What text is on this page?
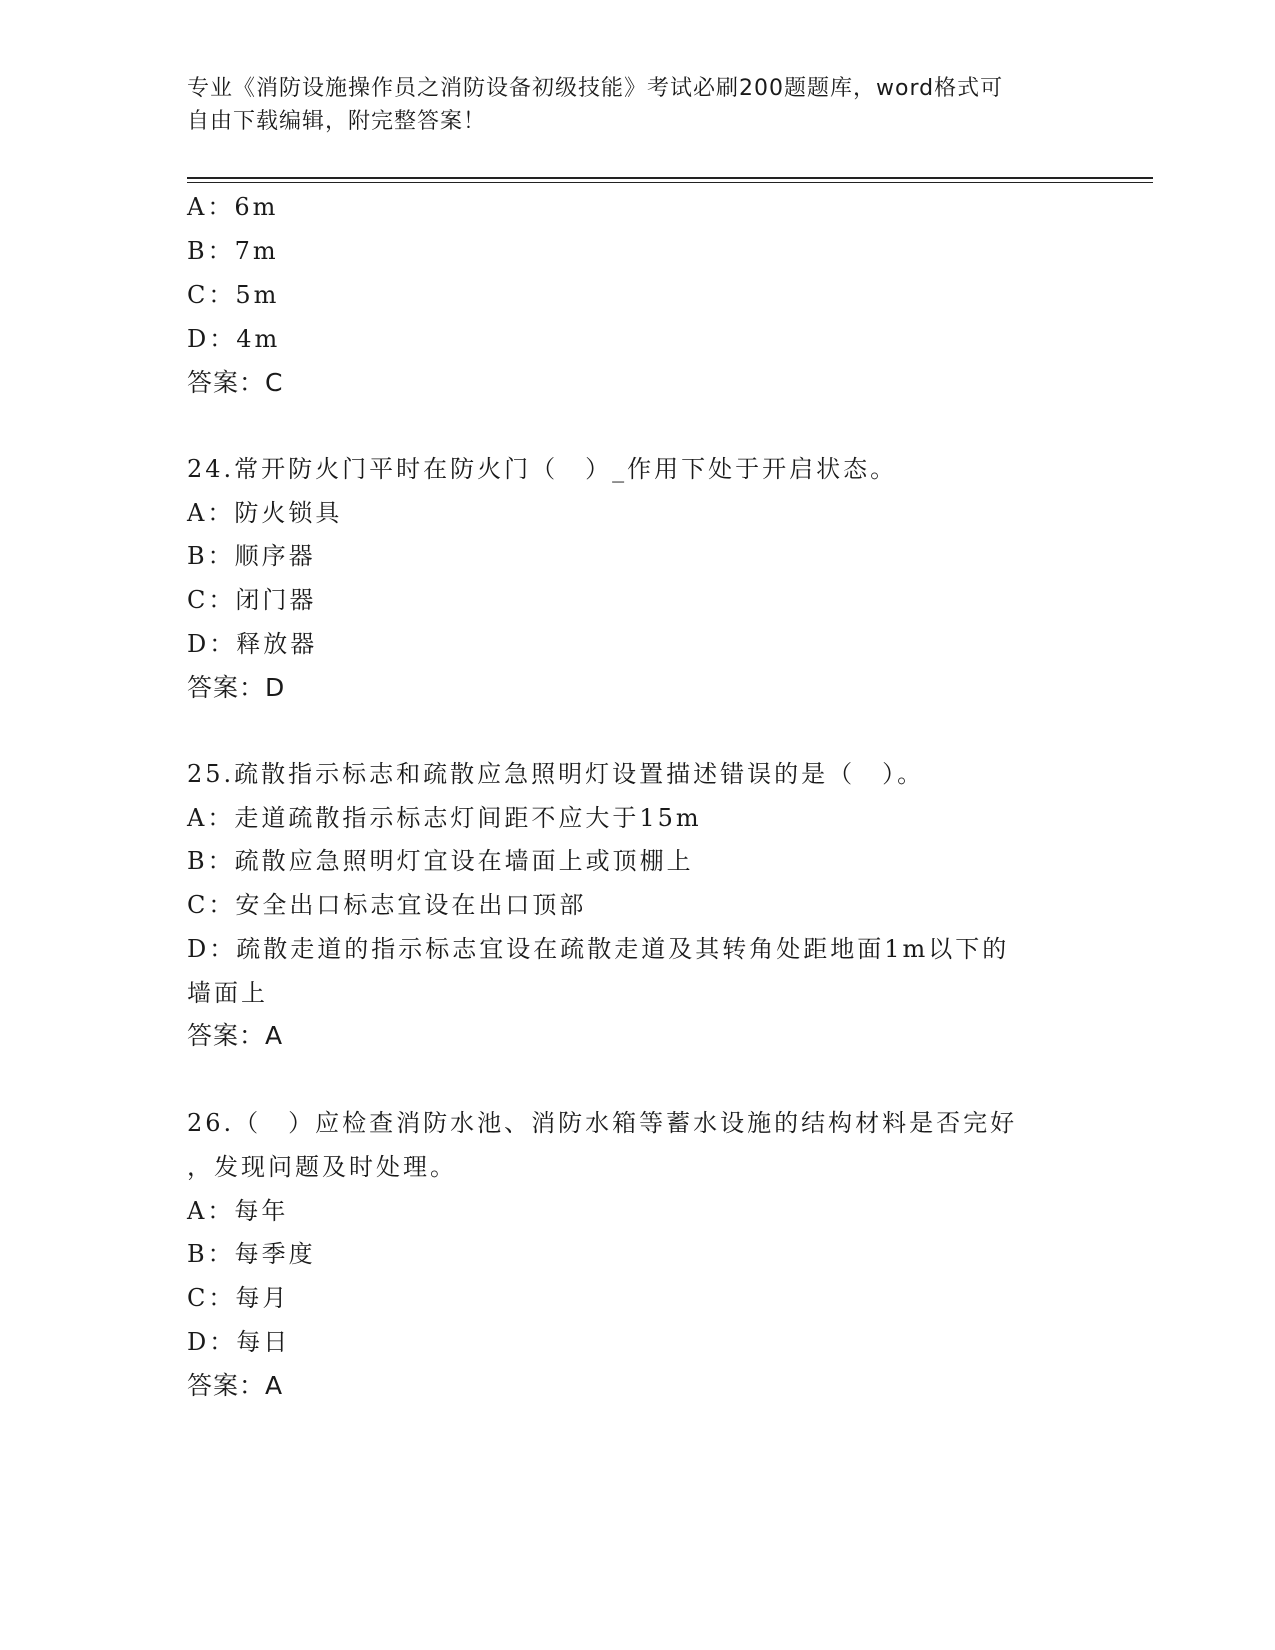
专业《消防设施操作员之消防设备初级技能》考试必刷200题题库，word格式可
自由下载编辑，附完整答案！
A：6m
B：7m
C：5m
D：4m
答案：C
24.常开防火门平时在防火门（　）_作用下处于开启状态。
A：防火锁具
B：顺序器
C：闭门器
D：释放器
答案：D
25.疏散指示标志和疏散应急照明灯设置描述错误的是（　）。
A：走道疏散指示标志灯间距不应大于15m
B：疏散应急照明灯宜设在墙面上或顶棚上
C：安全出口标志宜设在出口顶部
D：疏散走道的指示标志宜设在疏散走道及其转角处距地面1m以下的
墙面上
答案：A
26.（　）应检查消防水池、消防水箱等蓄水设施的结构材料是否完好
，发现问题及时处理。
A：每年
B：每季度
C：每月
D：每日
答案：A
